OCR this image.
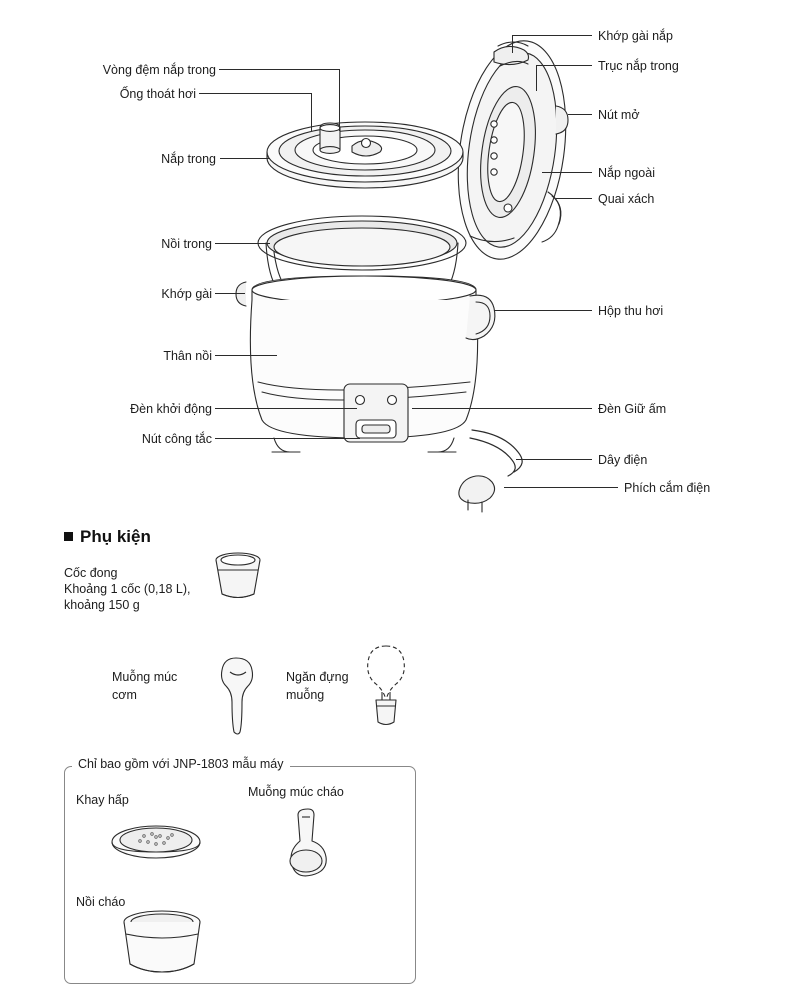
Vòng đệm nắp trong
Ống thoát hơi
Nắp trong
Nồi trong
Khớp gài
Thân nồi
Đèn khởi động
Nút công tắc
Khớp gài nắp
Trục nắp trong
Nút mở
Nắp ngoài
Quai xách
Hộp thu hơi
Đèn Giữ ấm
Dây điện
Phích cắm điện
Phụ kiện
Cốc đong
Khoảng 1 cốc (0,18 L),
khoảng 150 g
Muỗng múc
cơm
Ngăn đựng
muỗng
Chỉ bao gồm với JNP-1803 mẫu máy
Khay hấp
Muỗng múc cháo
Nồi cháo
